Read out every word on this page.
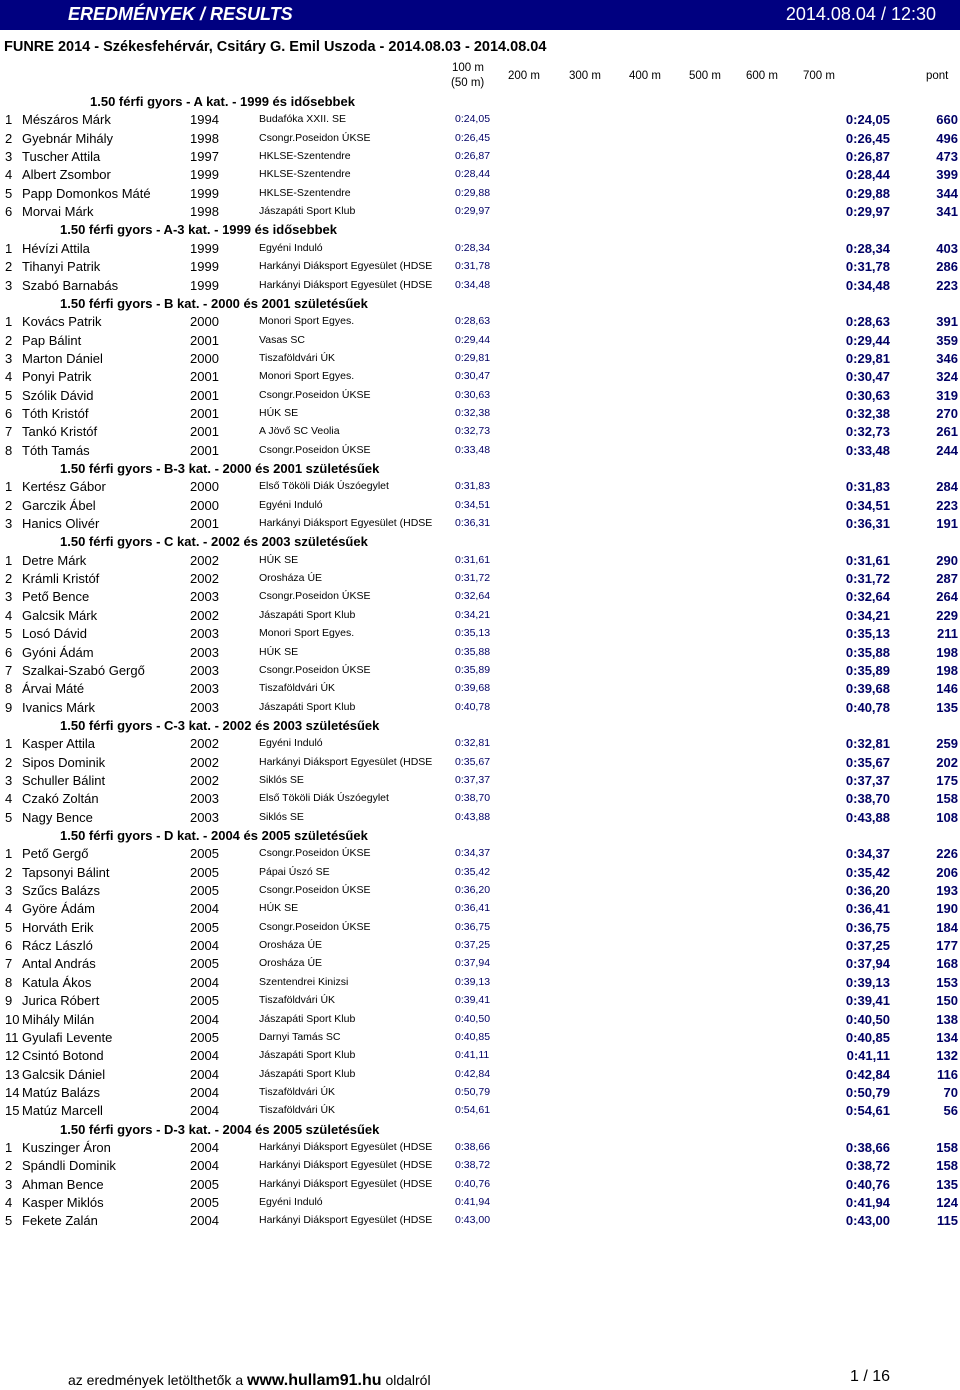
EREDMÉNYEK / RESULTS	2014.08.04 / 12:30
FUNRE 2014 - Székesfehérvár, Csitáry G. Emil Uszoda - 2014.08.03 - 2014.08.04
100 m
(50 m)
200 m	300 m 400 m 500 m 600 m 700 m	pont
1.50 férfi gyors - A kat. - 1999 és idősebbek
1 Mészáros Márk	1994	Budafóka XXII. SE	0:24,05	0:24,05	660
2 Gyebnár Mihály	1998	Csongr.Poseidon ÚKSE	0:26,45	0:26,45	496
3 Tuscher Attila	1997	HKLSE-Szentendre	0:26,87	0:26,87	473
4 Albert Zsombor	1999	HKLSE-Szentendre	0:28,44	0:28,44	399
5 Papp Domonkos Máté	1999	HKLSE-Szentendre	0:29,88	0:29,88	344
6 Morvai Márk	1998	Jászapáti Sport Klub	0:29,97	0:29,97	341
1.50 férfi gyors - A-3 kat. - 1999 és idősebbek
1 Hévízi Attila	1999	Egyéni Induló	0:28,34	0:28,34	403
2 Tihanyi Patrik	1999	Harkányi Diáksport Egyesület (HDSE	0:31,78	0:31,78	286
3 Szabó Barnabás	1999	Harkányi Diáksport Egyesület (HDSE	0:34,48	0:34,48	223
1.50 férfi gyors - B kat. - 2000 és 2001 születésűek
1 Kovács Patrik	2000	Monori Sport Egyes.	0:28,63	0:28,63	391
2 Pap Bálint	2001	Vasas SC	0:29,44	0:29,44	359
3 Marton Dániel	2000	Tiszaföldvári ÚK	0:29,81	0:29,81	346
4 Ponyi Patrik	2001	Monori Sport Egyes.	0:30,47	0:30,47	324
5 Szólik Dávid	2001	Csongr.Poseidon ÚKSE	0:30,63	0:30,63	319
6 Tóth Kristóf	2001	HÚK SE	0:32,38	0:32,38	270
7 Tankó Kristóf	2001	A Jövő SC Veolia	0:32,73	0:32,73	261
8 Tóth Tamás	2001	Csongr.Poseidon ÚKSE	0:33,48	0:33,48	244
1.50 férfi gyors - B-3 kat. - 2000 és 2001 születésűek
1 Kertész Gábor	2000	Első Tököli Diák Úszóegylet	0:31,83	0:31,83	284
2 Garczik Ábel	2000	Egyéni Induló	0:34,51	0:34,51	223
3 Hanics Olivér	2001	Harkányi Diáksport Egyesület (HDSE	0:36,31	0:36,31	191
1.50 férfi gyors - C kat. - 2002 és 2003 születésűek
1 Detre Márk	2002	HÚK SE	0:31,61	0:31,61	290
2 Krámli Kristóf	2002	Orosháza ÚE	0:31,72	0:31,72	287
3 Pető Bence	2003	Csongr.Poseidon ÚKSE	0:32,64	0:32,64	264
4 Galcsik Márk	2002	Jászapáti Sport Klub	0:34,21	0:34,21	229
5 Losó Dávid	2003	Monori Sport Egyes.	0:35,13	0:35,13	211
6 Gyóni Ádám	2003	HÚK SE	0:35,88	0:35,88	198
7 Szalkai-Szabó Gergő	2003	Csongr.Poseidon ÚKSE	0:35,89	0:35,89	198
8 Árvai Máté	2003	Tiszaföldvári ÚK	0:39,68	0:39,68	146
9 Ivanics Márk	2003	Jászapáti Sport Klub	0:40,78	0:40,78	135
1.50 férfi gyors - C-3 kat. - 2002 és 2003 születésűek
1 Kasper Attila	2002	Egyéni Induló	0:32,81	0:32,81	259
2 Sipos Dominik	2002	Harkányi Diáksport Egyesület (HDSE	0:35,67	0:35,67	202
3 Schuller Bálint	2002	Siklós SE	0:37,37	0:37,37	175
4 Czakó Zoltán	2003	Első Tököli Diák Úszóegylet	0:38,70	0:38,70	158
5 Nagy Bence	2003	Siklós SE	0:43,88	0:43,88	108
1.50 férfi gyors - D kat. - 2004 és 2005 születésűek
1 Pető Gergő	2005	Csongr.Poseidon ÚKSE	0:34,37	0:34,37	226
2 Tapsonyi Bálint	2005	Pápai Úszó SE	0:35,42	0:35,42	206
3 Szűcs Balázs	2005	Csongr.Poseidon ÚKSE	0:36,20	0:36,20	193
4 Györe Ádám	2004	HÚK SE	0:36,41	0:36,41	190
5 Horváth Erik	2005	Csongr.Poseidon ÚKSE	0:36,75	0:36,75	184
6 Rácz László	2004	Orosháza ÚE	0:37,25	0:37,25	177
7 Antal András	2005	Orosháza ÚE	0:37,94	0:37,94	168
8 Katula Ákos	2004	Szentendrei Kinizsi	0:39,13	0:39,13	153
9 Jurica Róbert	2005	Tiszaföldvári ÚK	0:39,41	0:39,41	150
10 Mihály Milán	2004	Jászapáti Sport Klub	0:40,50	0:40,50	138
11 Gyulafi Levente	2005	Darnyi Tamás SC	0:40,85	0:40,85	134
12 Csintó Botond	2004	Jászapáti Sport Klub	0:41,11	0:41,11	132
13 Galcsik Dániel	2004	Jászapáti Sport Klub	0:42,84	0:42,84	116
14 Matúz Balázs	2004	Tiszaföldvári ÚK	0:50,79	0:50,79	70
15 Matúz Marcell	2004	Tiszaföldvári ÚK	0:54,61	0:54,61	56
1.50 férfi gyors - D-3 kat. - 2004 és 2005 születésűek
1 Kuszinger Áron	2004	Harkányi Diáksport Egyesület (HDSE	0:38,66	0:38,66	158
2 Spándli Dominik	2004	Harkányi Diáksport Egyesület (HDSE	0:38,72	0:38,72	158
3 Ahman Bence	2005	Harkányi Diáksport Egyesület (HDSE	0:40,76	0:40,76	135
4 Kasper Miklós	2005	Egyéni Induló	0:41,94	0:41,94	124
5 Fekete Zalán	2004	Harkányi Diáksport Egyesület (HDSE	0:43,00	0:43,00	115
az eredmények letölthetők a www.hullam91.hu oldalról	1 / 16
